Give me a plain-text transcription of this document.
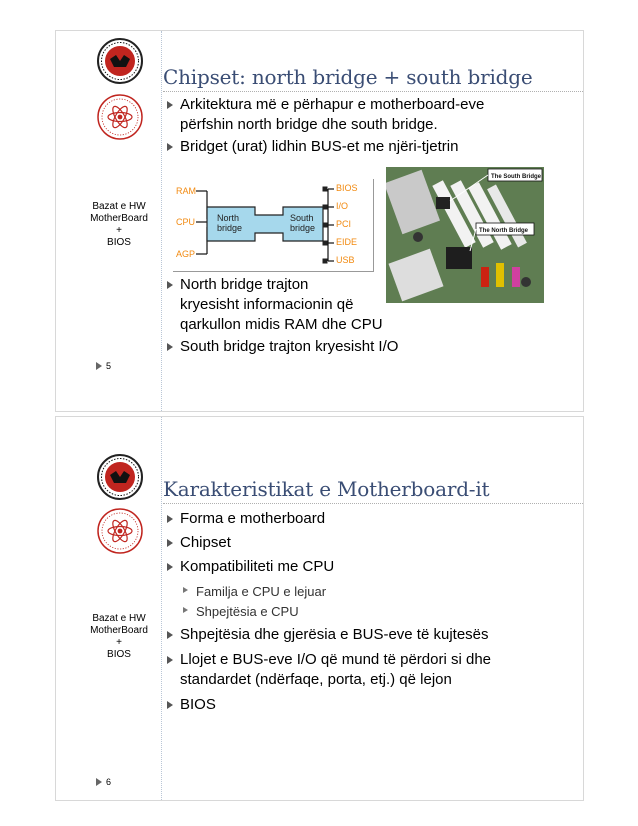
Bazat e HW
MotherBoard
+
BIOS
Chipset: north bridge + south bridge
Arkitektura më e përhapur e motherboard-eve
përfshin north bridge dhe south bridge.
Bridget (urat) lidhin BUS-et me njëri-tjetrin
RAM
CPU
AGP
BIOS
I/O
PCI
EIDE
USB
North
bridge
South
bridge
The South Bridge
The North Bridge
North bridge trajton
kryesisht informacionin që
qarkullon midis RAM dhe CPU
South bridge trajton kryesisht I/O
5
Bazat e HW
MotherBoard
+
BIOS
Karakteristikat e Motherboard-it
Forma e motherboard
Chipset
Kompatibiliteti me CPU
Familja e CPU e lejuar
Shpejtësia e CPU
Shpejtësia dhe gjerësia e BUS-eve të kujtesës
Llojet e BUS-eve I/O që mund të përdori si dhe
standardet (ndërfaqe, porta, etj.) që lejon
BIOS
6
